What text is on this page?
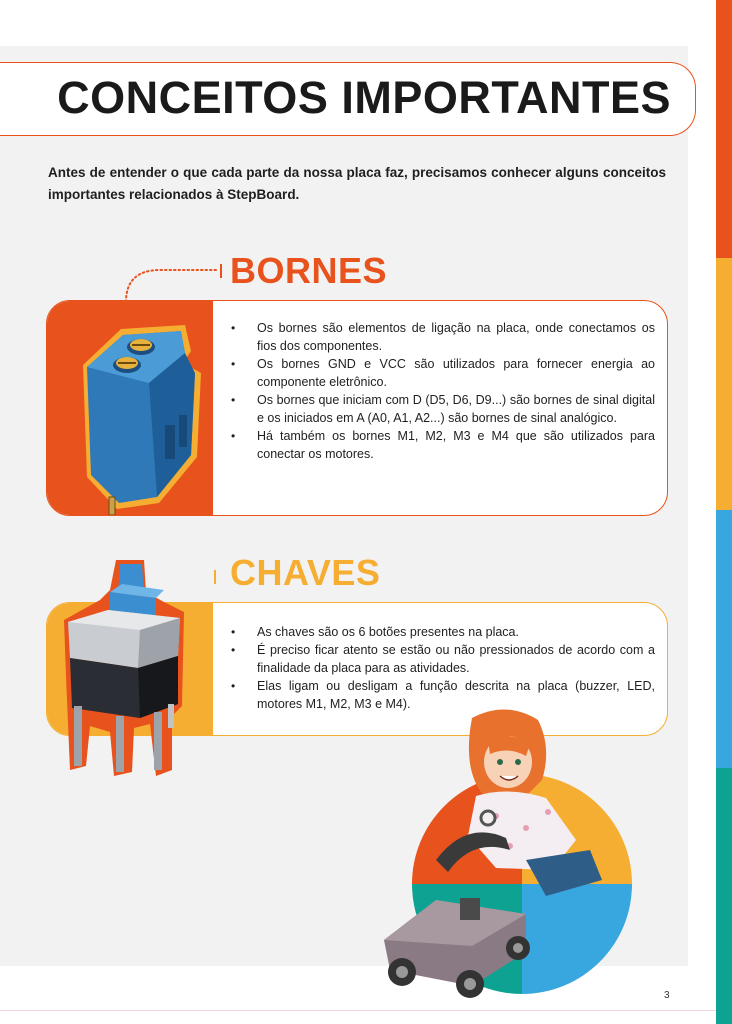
CONCEITOS IMPORTANTES

Antes de entender o que cada parte da nossa placa faz, precisamos conhecer alguns conceitos importantes relacionados à StepBoard.

BORNES
• Os bornes são elementos de ligação na placa, onde conectamos os fios dos componentes.
• Os bornes GND e VCC são utilizados para fornecer energia ao componente eletrônico.
• Os bornes que iniciam com D (D5, D6, D9...) são bornes de sinal digital e os iniciados em A (A0, A1, A2...) são bornes de sinal analógico.
• Há também os bornes M1, M2, M3 e M4 que são utilizados para conectar os motores.
CHAVES
• As chaves são os 6 botões presentes na placa.
• É preciso ficar atento se estão ou não pressionados de acordo com a finalidade da placa para as atividades.
• Elas ligam ou desligam a função descrita na placa (buzzer, LED, motores M1, M2, M3 e M4).
3
